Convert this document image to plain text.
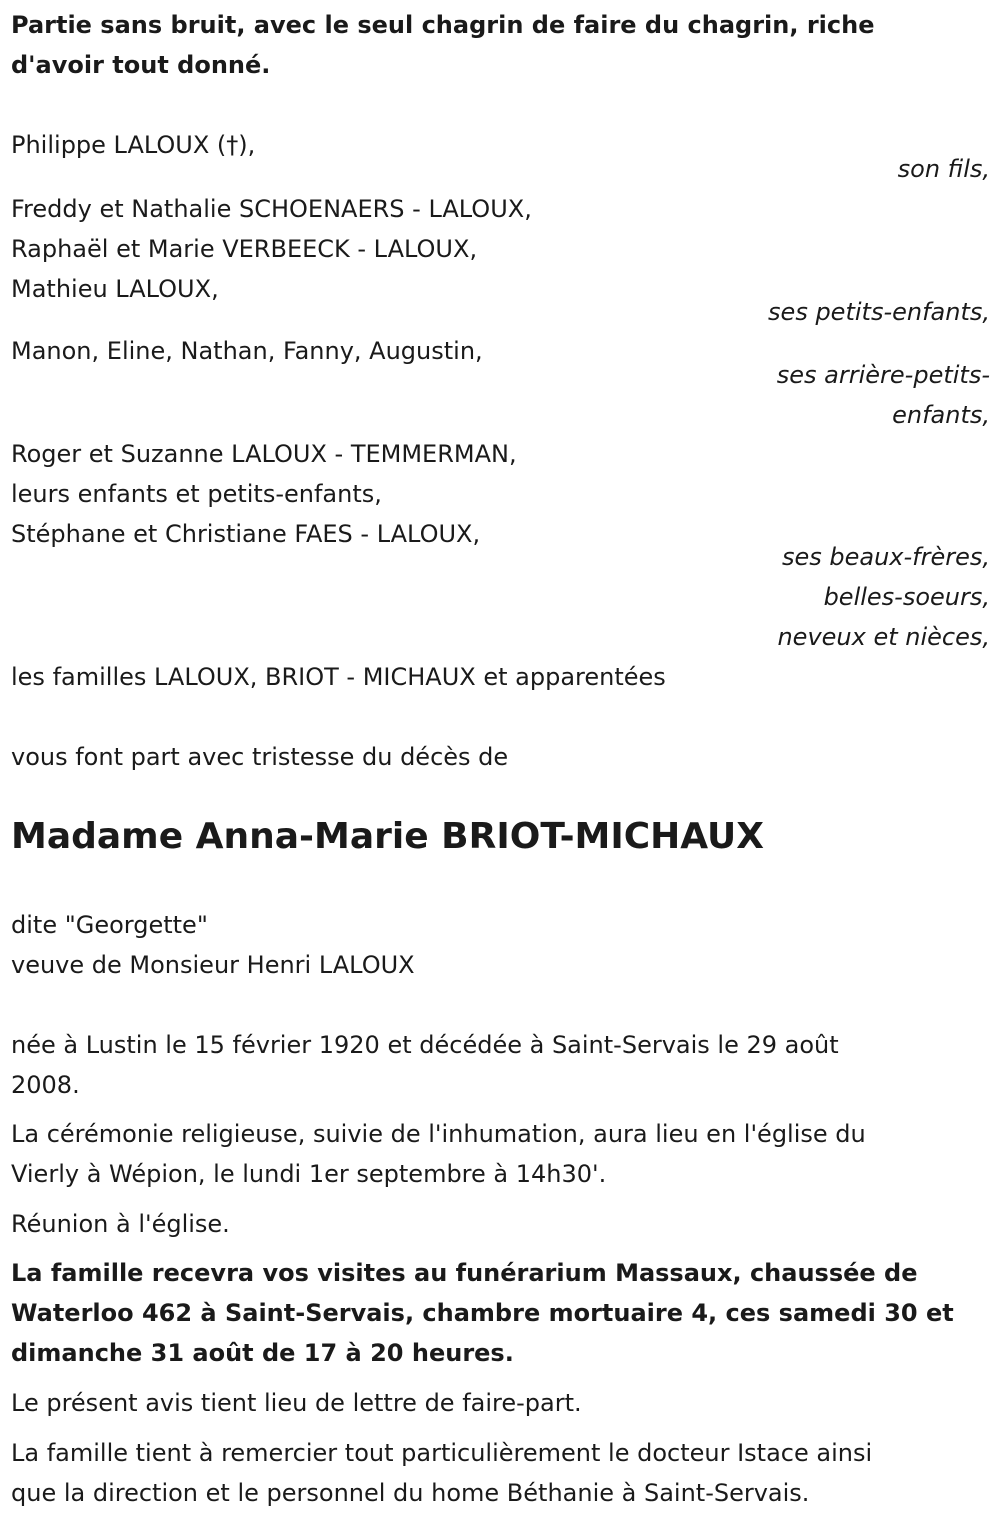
Partie sans bruit, avec le seul chagrin de faire du chagrin, riche
d'avoir tout donné.
Philippe LALOUX (†),
son fils,
Freddy et Nathalie SCHOENAERS - LALOUX,
Raphaël et Marie VERBEECK - LALOUX,
Mathieu LALOUX,
ses petits-enfants,
Manon, Eline, Nathan, Fanny, Augustin,
ses arrière-petits-
enfants,
Roger et Suzanne LALOUX - TEMMERMAN,
leurs enfants et petits-enfants,
Stéphane et Christiane FAES - LALOUX,
ses beaux-frères,
belles-soeurs,
neveux et nièces,
les familles LALOUX, BRIOT - MICHAUX et apparentées
vous font part avec tristesse du décès de
Madame Anna-Marie BRIOT-MICHAUX
dite "Georgette"
veuve de Monsieur Henri LALOUX
née à Lustin le 15 février 1920 et décédée à Saint-Servais le 29 août
2008.
La cérémonie religieuse, suivie de l'inhumation, aura lieu en l'église du
Vierly à Wépion, le lundi 1er septembre à 14h30'.
Réunion à l'église.
La famille recevra vos visites au funérarium Massaux, chaussée de
Waterloo 462 à Saint-Servais, chambre mortuaire 4, ces samedi 30 et
dimanche 31 août de 17 à 20 heures.
Le présent avis tient lieu de lettre de faire-part.
La famille tient à remercier tout particulièrement le docteur Istace ainsi
que la direction et le personnel du home Béthanie à Saint-Servais.
